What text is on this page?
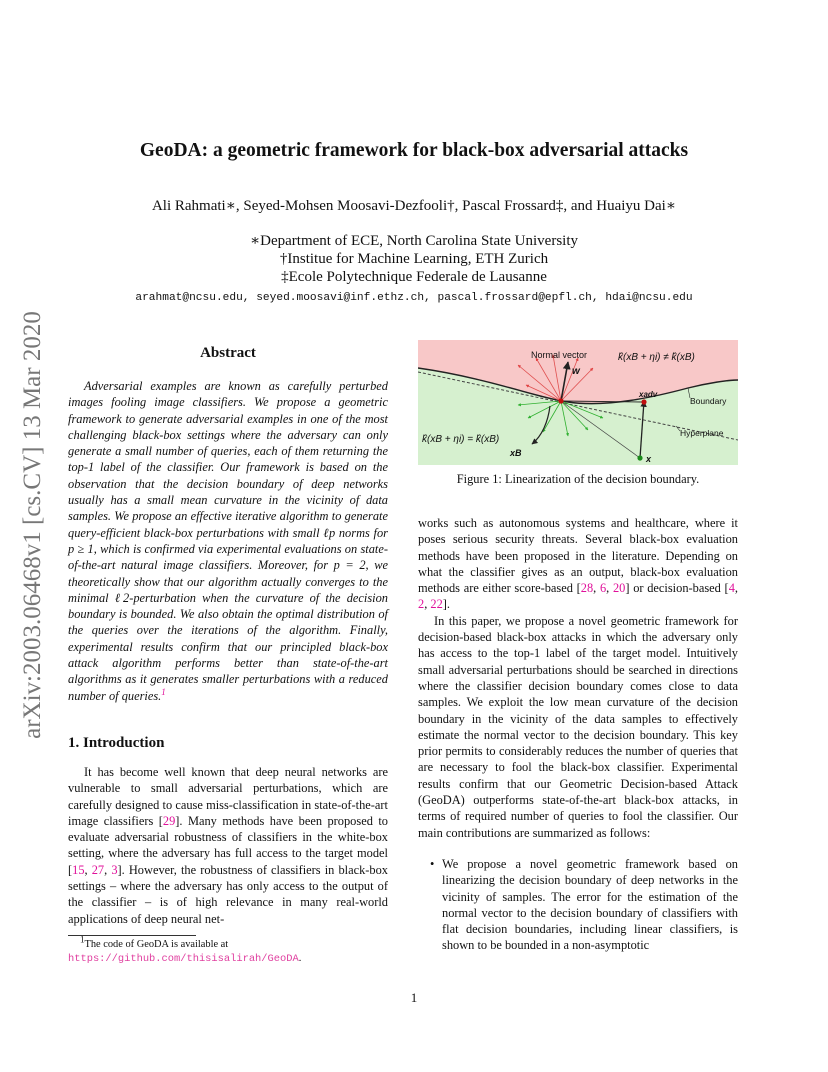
GeoDA: a geometric framework for black-box adversarial attacks
Ali Rahmati∗, Seyed-Mohsen Moosavi-Dezfooli†, Pascal Frossard‡, and Huaiyu Dai∗
∗Department of ECE, North Carolina State University
†Institue for Machine Learning, ETH Zurich
‡Ecole Polytechnique Federale de Lausanne
arahmat@ncsu.edu, seyed.moosavi@inf.ethz.ch, pascal.frossard@epfl.ch, hdai@ncsu.edu
arXiv:2003.06468v1 [cs.CV] 13 Mar 2020	Abstract
Adversarial examples are known as carefully perturbed images fooling image classifiers. We propose a geometric framework to generate adversarial examples in one of the most challenging black-box settings where the adversary can only generate a small number of queries, each of them returning the top-1 label of the classifier. Our framework is based on the observation that the decision boundary of deep networks usually has a small mean curvature in the vicinity of data samples. We propose an effective iterative algorithm to generate query-efficient black-box perturbations with small ℓp norms for p ≥ 1, which is confirmed via experimental evaluations on state-of-the-art natural image classifiers. Moreover, for p = 2, we theoretically show that our algorithm actually converges to the minimal ℓ2-perturbation when the curvature of the decision boundary is bounded. We also obtain the optimal distribution of the queries over the iterations of the algorithm. Finally, experimental results confirm that our principled black-box attack algorithm performs better than state-of-the-art algorithms as it generates smaller perturbations with a reduced number of queries.$^1$
1. Introduction
It has become well known that deep neural networks are vulnerable to small adversarial perturbations, which are carefully designed to cause miss-classification in state-of-the-art image classifiers [29]. Many methods have been proposed to evaluate adversarial robustness of classifiers in the white-box setting, where the adversary has full access to the target model [15, 27, 3]. However, the robustness of classifiers in black-box settings – where the adversary has only access to the output of the classifier – is of high relevance in many real-world applications of deep neural net-
1The code of GeoDA is available at https://github.com/thisisalirah/GeoDA.
Normal vector
w
k̂(xB + ηi) ≠ k̂(xB)
xadv
Boundary
Hyperplane
k̂(xB + ηi) = k̂(xB)
xB
x
Figure 1: Linearization of the decision boundary.

works such as autonomous systems and healthcare, where it poses serious security threats. Several black-box evaluation methods have been proposed in the literature. Depending on what the classifier gives as an output, black-box evaluation methods are either score-based [28, 6, 20] or decision-based [4, 2, 22].

In this paper, we propose a novel geometric framework for decision-based black-box attacks in which the adversary only has access to the top-1 label of the target model. Intuitively small adversarial perturbations should be searched in directions where the classifier decision boundary comes close to data samples. We exploit the low mean curvature of the decision boundary in the vicinity of the data samples to effectively estimate the normal vector to the decision boundary. This key prior permits to considerably reduces the number of queries that are necessary to fool the black-box classifier. Experimental results confirm that our Geometric Decision-based Attack (GeoDA) outperforms state-of-the-art black-box attacks, in terms of required number of queries to fool the classifier. Our main contributions are summarized as follows:

• We propose a novel geometric framework based on linearizing the decision boundary of deep networks in the vicinity of samples. The error for the estimation of the normal vector to the decision boundary of classifiers with flat decision boundaries, including linear classifiers, is shown to be bounded in a non-asymptotic
1
